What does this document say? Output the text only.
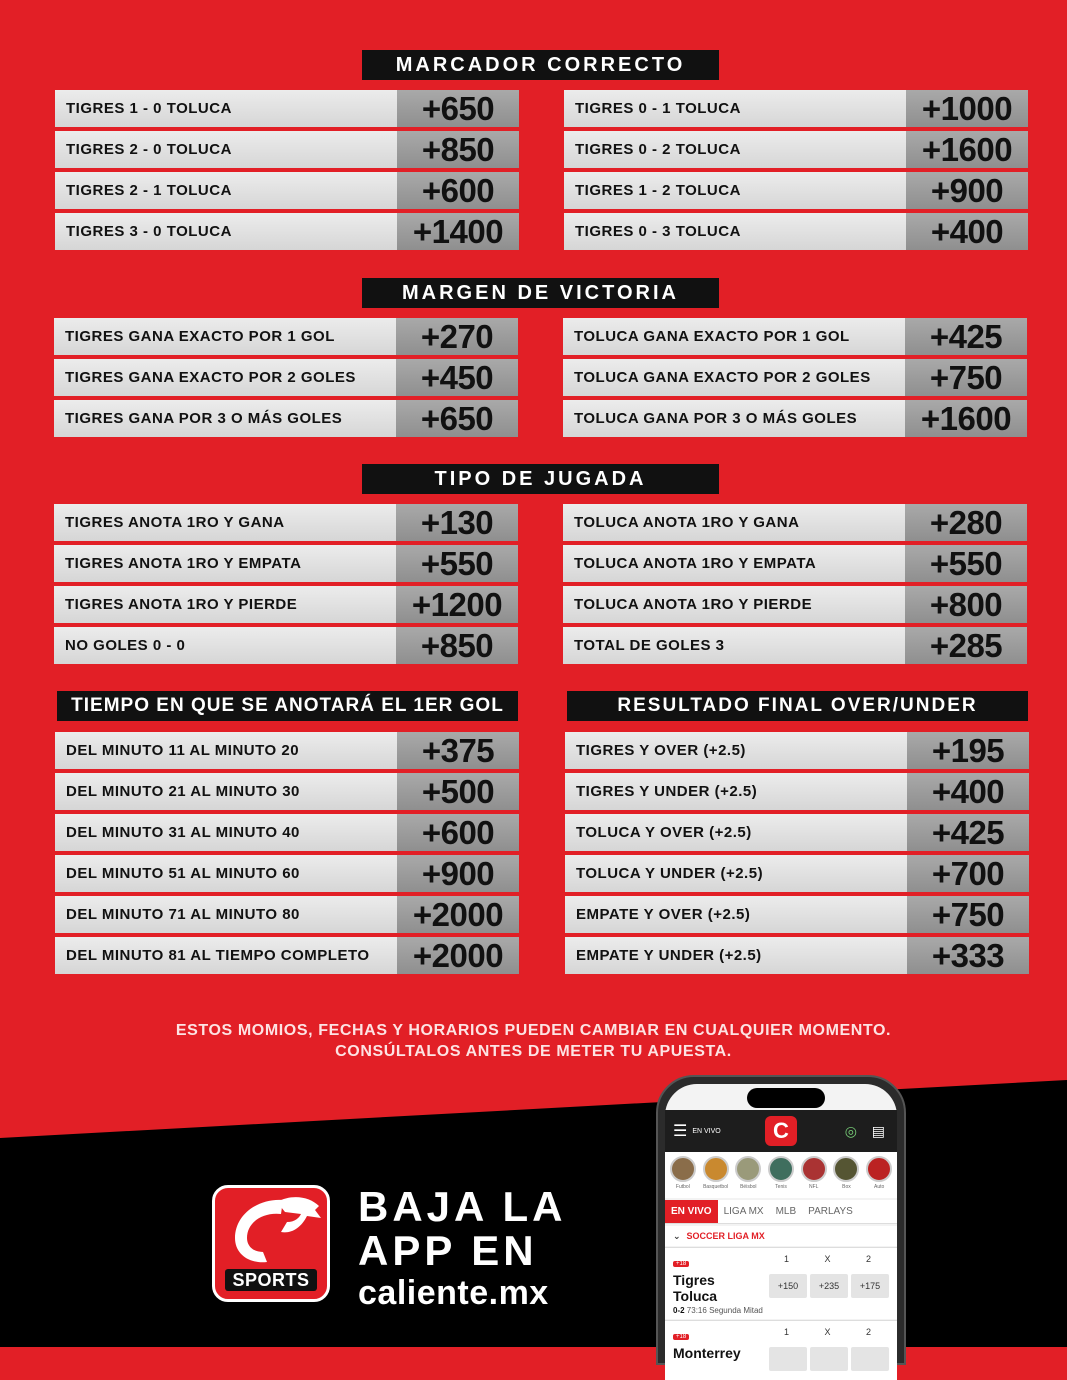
MARCADOR CORRECTO
TIGRES 1 - 0 TOLUCA	+650
TIGRES 2 - 0 TOLUCA	+850
TIGRES 2 - 1 TOLUCA	+600
TIGRES 3 - 0 TOLUCA	+1400
TIGRES 0 - 1 TOLUCA	+1000
TIGRES 0 - 2 TOLUCA	+1600
TIGRES 1 - 2 TOLUCA	+900
TIGRES 0 - 3 TOLUCA	+400
MARGEN DE VICTORIA
TIGRES GANA EXACTO POR 1 GOL	+270
TIGRES GANA EXACTO POR 2 GOLES	+450
TIGRES GANA POR 3 O MÁS GOLES	+650
TOLUCA GANA EXACTO POR 1 GOL	+425
TOLUCA GANA EXACTO POR 2 GOLES	+750
TOLUCA GANA POR 3 O MÁS GOLES	+1600
TIPO DE JUGADA
TIGRES ANOTA 1RO Y GANA	+130
TIGRES ANOTA 1RO Y EMPATA	+550
TIGRES ANOTA 1RO Y PIERDE	+1200
NO GOLES 0 - 0	+850
TOLUCA ANOTA 1RO Y GANA	+280
TOLUCA ANOTA 1RO Y EMPATA	+550
TOLUCA ANOTA 1RO Y PIERDE	+800
TOTAL DE GOLES 3	+285
TIEMPO EN QUE SE ANOTARÁ EL 1ER GOL
DEL MINUTO 11 AL MINUTO 20	+375
DEL MINUTO 21 AL MINUTO 30	+500
DEL MINUTO 31 AL MINUTO 40	+600
DEL MINUTO 51 AL MINUTO 60	+900
DEL MINUTO 71 AL MINUTO 80	+2000
DEL MINUTO 81 AL TIEMPO COMPLETO	+2000
RESULTADO FINAL OVER/UNDER
TIGRES Y OVER (+2.5)	+195
TIGRES Y UNDER (+2.5)	+400
TOLUCA Y OVER (+2.5)	+425
TOLUCA Y UNDER (+2.5)	+700
EMPATE Y OVER (+2.5)	+750
EMPATE Y UNDER (+2.5)	+333
ESTOS MOMIOS, FECHAS Y HORARIOS PUEDEN CAMBIAR EN CUALQUIER MOMENTO.
CONSÚLTALOS ANTES DE METER TU APUESTA.
SPORTS
BAJA LA
APP EN
caliente.mx
☰ EN VIVO	C	◎ ▤
Futbol	Basquetbol Béisbol	Tenis	NFL	Box	Auto
EN VIVO	LIGA MX	MLB	PARLAYS
⌄ SOCCER LIGA MX
+18
Tigres
Toluca
0-2 73:16 Segunda Mitad
1	X	2
+150	+235	+175
+18
Monterrey
1	X	2
